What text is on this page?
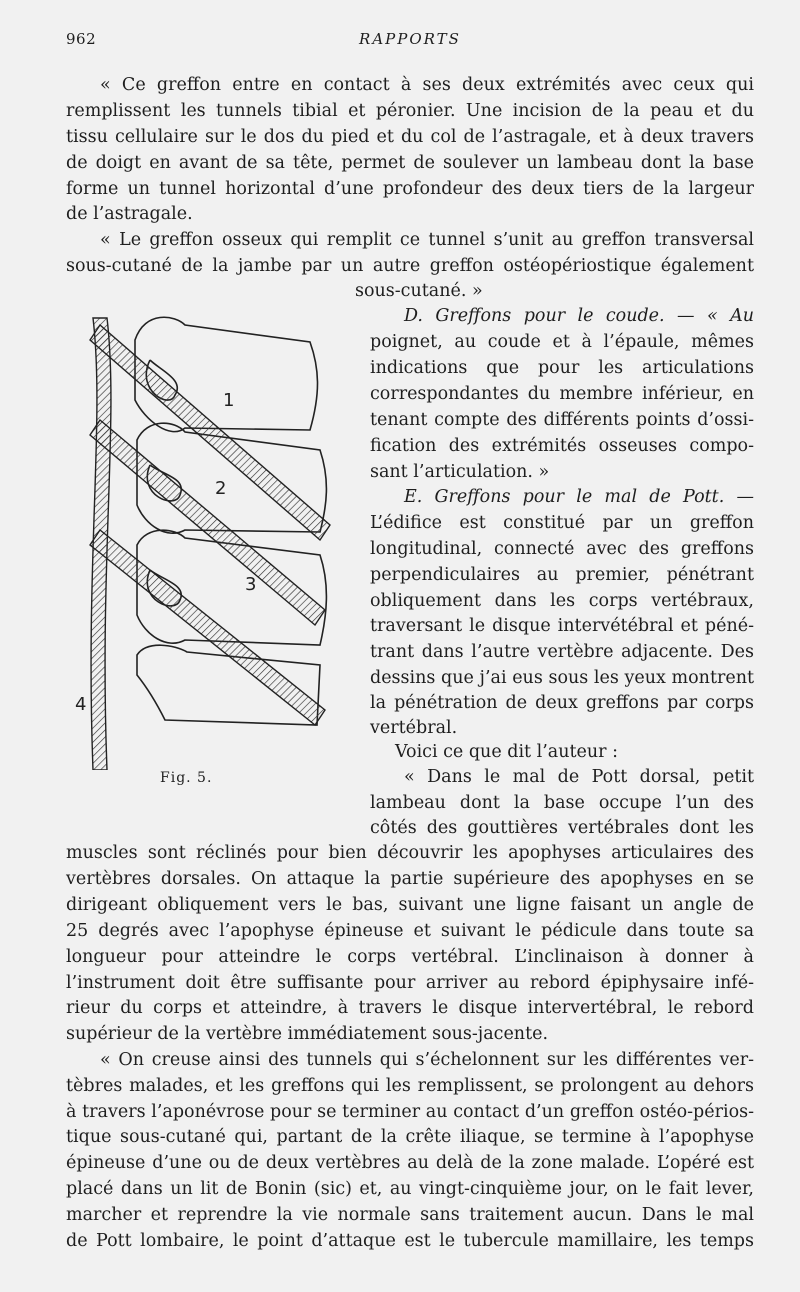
962	RAPPORTS
« Ce greffon entre en contact à ses deux extrémités avec ceux qui
remplissent les tunnels tibial et péronier. Une incision de la peau et du
tissu cellulaire sur le dos du pied et du col de l’astragale, et à deux travers
de doigt en avant de sa tête, permet de soulever un lambeau dont la base
forme un tunnel horizontal d’une profondeur des deux tiers de la largeur
de l’astragale.
« Le greffon osseux qui remplit ce tunnel s’unit au greffon transversal
sous-cutané de la jambe par un autre greffon ostéopériostique également
sous-cutané. »
D. Greffons pour le coude. — « Au
poignet, au coude et à l’épaule, mêmes
indications que pour les articulations
correspondantes du membre inférieur, en
tenant compte des différents points d’ossi-
fication des extrémités osseuses compo-
sant l’articulation. »
E. Greffons pour le mal de Pott. —
L’édifice est constitué par un greffon
longitudinal, connecté avec des greffons
perpendiculaires au premier, pénétrant
obliquement dans les corps vertébraux,
traversant le disque intervétébral et péné-
trant dans l’autre vertèbre adjacente. Des
dessins que j’ai eus sous les yeux montrent
la pénétration de deux greffons par corps
vertébral.
Voici ce que dit l’auteur :
« Dans le mal de Pott dorsal, petit
lambeau dont la base occupe l’un des
côtés des gouttières vertébrales dont les
muscles sont réclinés pour bien découvrir les apophyses articulaires des
vertèbres dorsales. On attaque la partie supérieure des apophyses en se
dirigeant obliquement vers le bas, suivant une ligne faisant un angle de
25 degrés avec l’apophyse épineuse et suivant le pédicule dans toute sa
longueur pour atteindre le corps vertébral. L’inclinaison à donner à
l’instrument doit être suffisante pour arriver au rebord épiphysaire infé-
rieur du corps et atteindre, à travers le disque intervertébral, le rebord
supérieur de la vertèbre immédiatement sous-jacente.
« On creuse ainsi des tunnels qui s’échelonnent sur les différentes ver-
tèbres malades, et les greffons qui les remplissent, se prolongent au dehors
à travers l’aponévrose pour se terminer au contact d’un greffon ostéo-périos-
tique sous-cutané qui, partant de la crête iliaque, se termine à l’apophyse
épineuse d’une ou de deux vertèbres au delà de la zone malade. L’opéré est
placé dans un lit de Bonin (sic) et, au vingt-cinquième jour, on le fait lever,
marcher et reprendre la vie normale sans traitement aucun. Dans le mal
de Pott lombaire, le point d’attaque est le tubercule mamillaire, les temps
1
2
3
4
Fig. 5.
